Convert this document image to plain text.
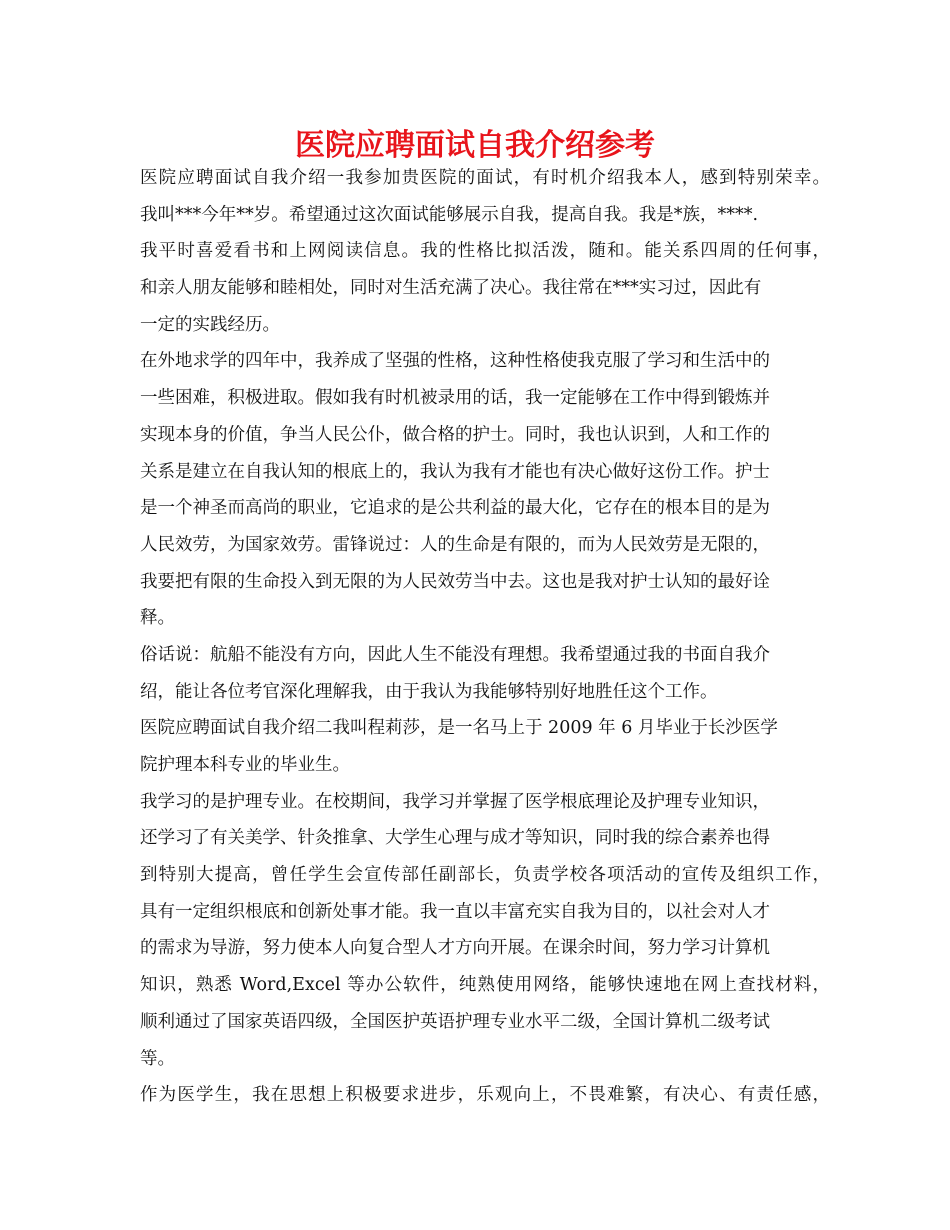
医院应聘面试自我介绍参考
医院应聘面试自我介绍一我参加贵医院的面试，有时机介绍我本人，感到特别荣幸。
我叫***今年**岁。希望通过这次面试能够展示自我，提高自我。我是*族，****.
我平时喜爱看书和上网阅读信息。我的性格比拟活泼，随和。能关系四周的任何事，
和亲人朋友能够和睦相处，同时对生活充满了决心。我往常在***实习过，因此有
一定的实践经历。
在外地求学的四年中，我养成了坚强的性格，这种性格使我克服了学习和生活中的
一些困难，积极进取。假如我有时机被录用的话，我一定能够在工作中得到锻炼并
实现本身的价值，争当人民公仆，做合格的护士。同时，我也认识到，人和工作的
关系是建立在自我认知的根底上的，我认为我有才能也有决心做好这份工作。护士
是一个神圣而高尚的职业，它追求的是公共利益的最大化，它存在的根本目的是为
人民效劳，为国家效劳。雷锋说过：人的生命是有限的，而为人民效劳是无限的，
我要把有限的生命投入到无限的为人民效劳当中去。这也是我对护士认知的最好诠
释。
俗话说：航船不能没有方向，因此人生不能没有理想。我希望通过我的书面自我介
绍，能让各位考官深化理解我，由于我认为我能够特别好地胜任这个工作。
医院应聘面试自我介绍二我叫程莉莎，是一名马上于 2009 年 6 月毕业于长沙医学
院护理本科专业的毕业生。
我学习的是护理专业。在校期间，我学习并掌握了医学根底理论及护理专业知识，
还学习了有关美学、针灸推拿、大学生心理与成才等知识，同时我的综合素养也得
到特别大提高，曾任学生会宣传部任副部长，负责学校各项活动的宣传及组织工作，
具有一定组织根底和创新处事才能。我一直以丰富充实自我为目的，以社会对人才
的需求为导游，努力使本人向复合型人才方向开展。在课余时间，努力学习计算机
知识，熟悉 Word,Excel 等办公软件，纯熟使用网络，能够快速地在网上查找材料，
顺利通过了国家英语四级，全国医护英语护理专业水平二级，全国计算机二级考试
等。
作为医学生，我在思想上积极要求进步，乐观向上，不畏难繁，有决心、有责任感，
